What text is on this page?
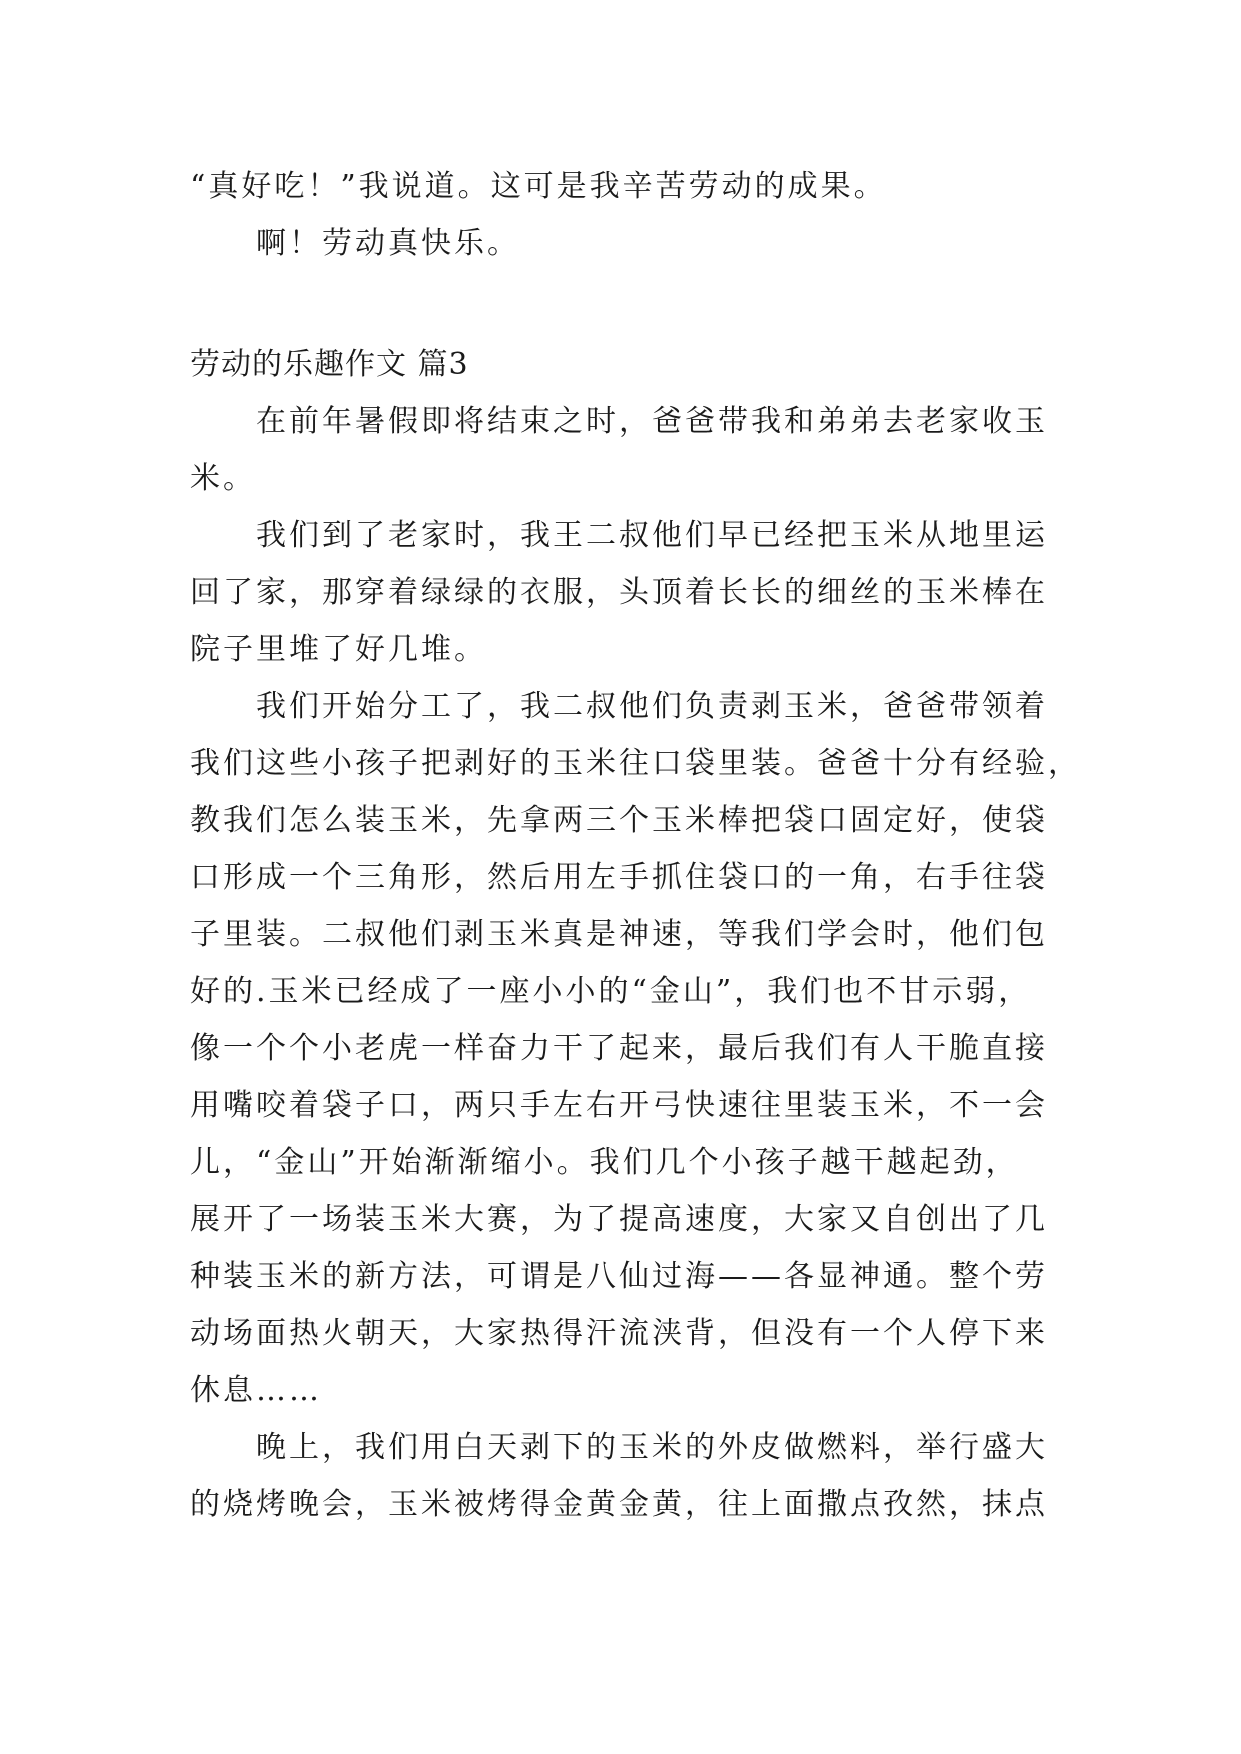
“真好吃！”我说道。这可是我辛苦劳动的成果。
啊！劳动真快乐。
劳动的乐趣作文 篇3
在前年暑假即将结束之时，爸爸带我和弟弟去老家收玉
米。
我们到了老家时，我王二叔他们早已经把玉米从地里运
回了家，那穿着绿绿的衣服，头顶着长长的细丝的玉米棒在
院子里堆了好几堆。
我们开始分工了，我二叔他们负责剥玉米，爸爸带领着
我们这些小孩子把剥好的玉米往口袋里装。爸爸十分有经验，
教我们怎么装玉米，先拿两三个玉米棒把袋口固定好，使袋
口形成一个三角形，然后用左手抓住袋口的一角，右手往袋
子里装。二叔他们剥玉米真是神速，等我们学会时，他们包
好的.玉米已经成了一座小小的“金山”，我们也不甘示弱，
像一个个小老虎一样奋力干了起来，最后我们有人干脆直接
用嘴咬着袋子口，两只手左右开弓快速往里装玉米，不一会
儿，“金山”开始渐渐缩小。我们几个小孩子越干越起劲，
展开了一场装玉米大赛，为了提高速度，大家又自创出了几
种装玉米的新方法，可谓是八仙过海——各显神通。整个劳
动场面热火朝天，大家热得汗流浃背，但没有一个人停下来
休息……
晚上，我们用白天剥下的玉米的外皮做燃料，举行盛大
的烧烤晚会，玉米被烤得金黄金黄，往上面撒点孜然，抹点
